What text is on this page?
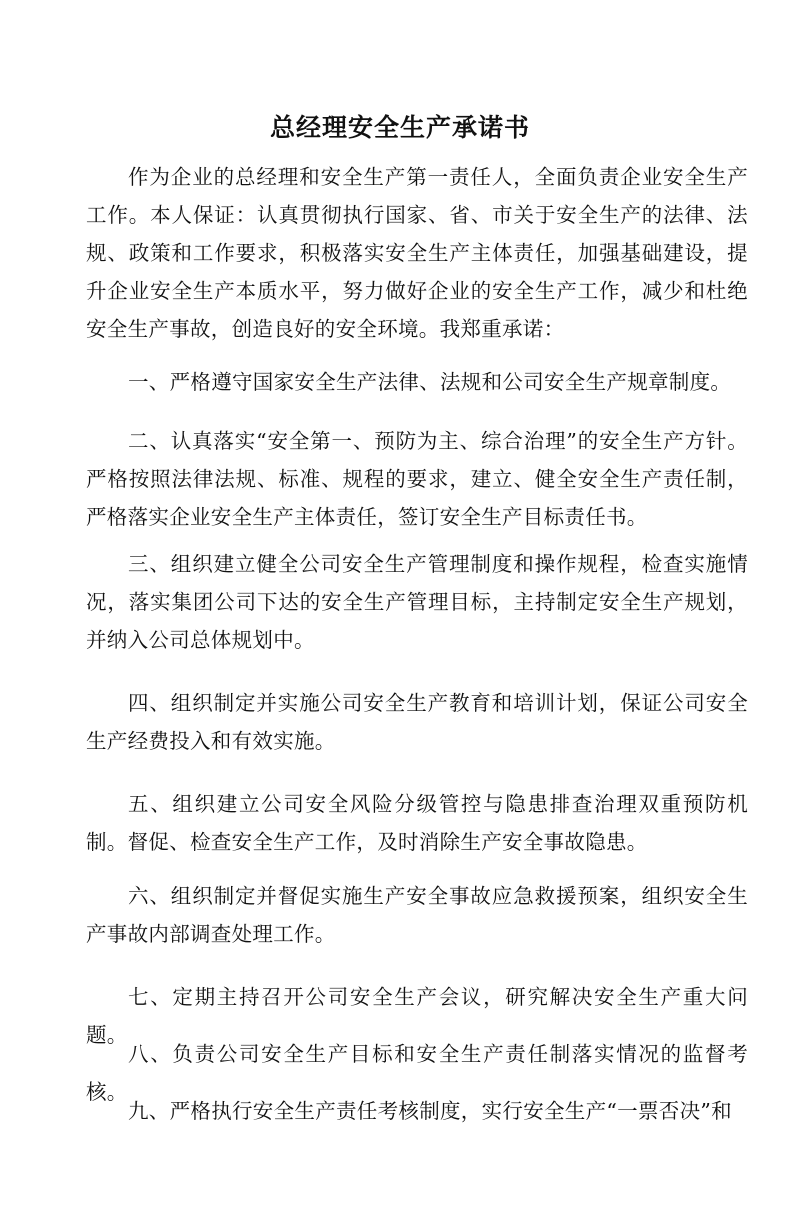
总经理安全生产承诺书

作为企业的总经理和安全生产第一责任人，全面负责企业安全生产工作。本人保证：认真贯彻执行国家、省、市关于安全生产的法律、法规、政策和工作要求，积极落实安全生产主体责任，加强基础建设，提升企业安全生产本质水平，努力做好企业的安全生产工作，减少和杜绝安全生产事故，创造良好的安全环境。我郑重承诺：

一、严格遵守国家安全生产法律、法规和公司安全生产规章制度。

二、认真落实“安全第一、预防为主、综合治理”的安全生产方针。严格按照法律法规、标准、规程的要求，建立、健全安全生产责任制，严格落实企业安全生产主体责任，签订安全生产目标责任书。

三、组织建立健全公司安全生产管理制度和操作规程，检查实施情况，落实集团公司下达的安全生产管理目标，主持制定安全生产规划，并纳入公司总体规划中。

四、组织制定并实施公司安全生产教育和培训计划，保证公司安全生产经费投入和有效实施。

五、组织建立公司安全风险分级管控与隐患排查治理双重预防机制。督促、检查安全生产工作，及时消除生产安全事故隐患。

六、组织制定并督促实施生产安全事故应急救援预案，组织安全生产事故内部调查处理工作。

七、定期主持召开公司安全生产会议，研究解决安全生产重大问题。

八、负责公司安全生产目标和安全生产责任制落实情况的监督考核。

九、严格执行安全生产责任考核制度，实行安全生产“一票否决”和
